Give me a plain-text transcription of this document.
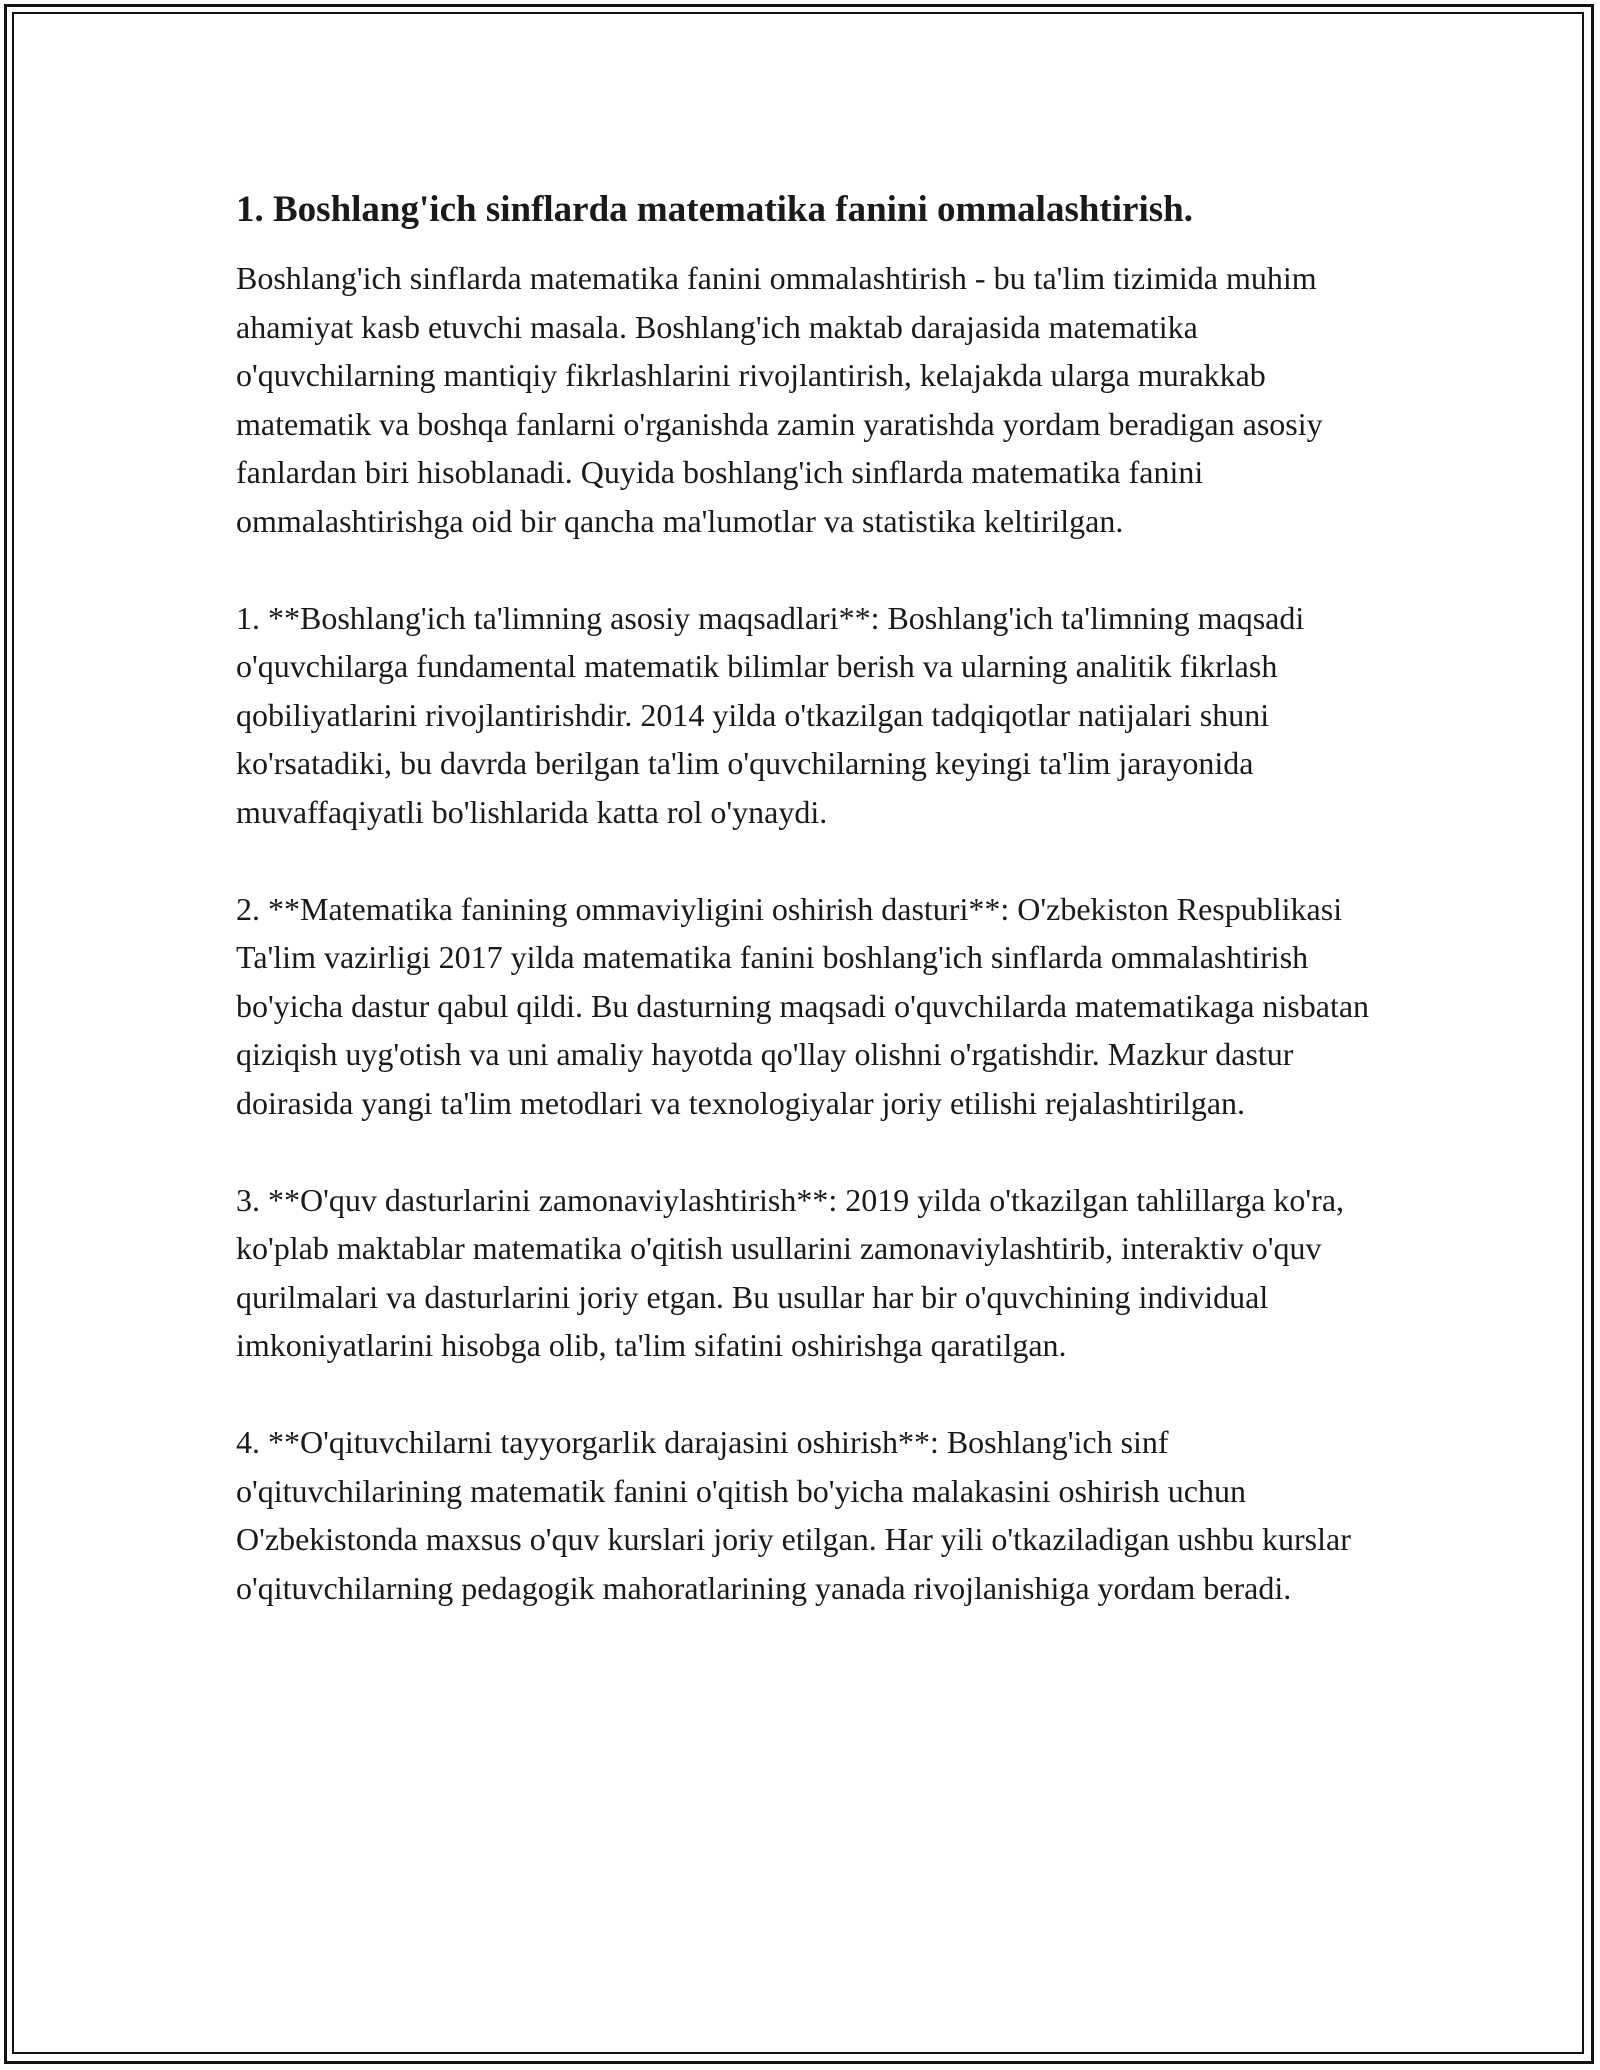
1. Boshlang'ich sinflarda matematika fanini ommalashtirish.

Boshlang'ich sinflarda matematika fanini ommalashtirish - bu ta'lim tizimida muhim ahamiyat kasb etuvchi masala. Boshlang'ich maktab darajasida matematika o'quvchilarning mantiqiy fikrlashlarini rivojlantirish, kelajakda ularga murakkab matematik va boshqa fanlarni o'rganishda zamin yaratishda yordam beradigan asosiy fanlardan biri hisoblanadi. Quyida boshlang'ich sinflarda matematika fanini ommalashtirishga oid bir qancha ma'lumotlar va statistika keltirilgan.

1. **Boshlang'ich ta'limning asosiy maqsadlari**: Boshlang'ich ta'limning maqsadi o'quvchilarga fundamental matematik bilimlar berish va ularning analitik fikrlash qobiliyatlarini rivojlantirishdir. 2014 yilda o'tkazilgan tadqiqotlar natijalari shuni ko'rsatadiki, bu davrda berilgan ta'lim o'quvchilarning keyingi ta'lim jarayonida muvaffaqiyatli bo'lishlarida katta rol o'ynaydi.

2. **Matematika fanining ommaviyligini oshirish dasturi**: O'zbekiston Respublikasi Ta'lim vazirligi 2017 yilda matematika fanini boshlang'ich sinflarda ommalashtirish bo'yicha dastur qabul qildi. Bu dasturning maqsadi o'quvchilarda matematikaga nisbatan qiziqish uyg'otish va uni amaliy hayotda qo'llay olishni o'rgatishdir. Mazkur dastur doirasida yangi ta'lim metodlari va texnologiyalar joriy etilishi rejalashtirilgan.

3. **O'quv dasturlarini zamonaviylashtirish**: 2019 yilda o'tkazilgan tahlillarga ko'ra, ko'plab maktablar matematika o'qitish usullarini zamonaviylashtirib, interaktiv o'quv qurilmalari va dasturlarini joriy etgan. Bu usullar har bir o'quvchining individual imkoniyatlarini hisobga olib, ta'lim sifatini oshirishga qaratilgan.

4. **O'qituvchilarni tayyorgarlik darajasini oshirish**: Boshlang'ich sinf o'qituvchilarining matematik fanini o'qitish bo'yicha malakasini oshirish uchun O'zbekistonda maxsus o'quv kurslari joriy etilgan. Har yili o'tkaziladigan ushbu kurslar o'qituvchilarning pedagogik mahoratlarining yanada rivojlanishiga yordam beradi.
